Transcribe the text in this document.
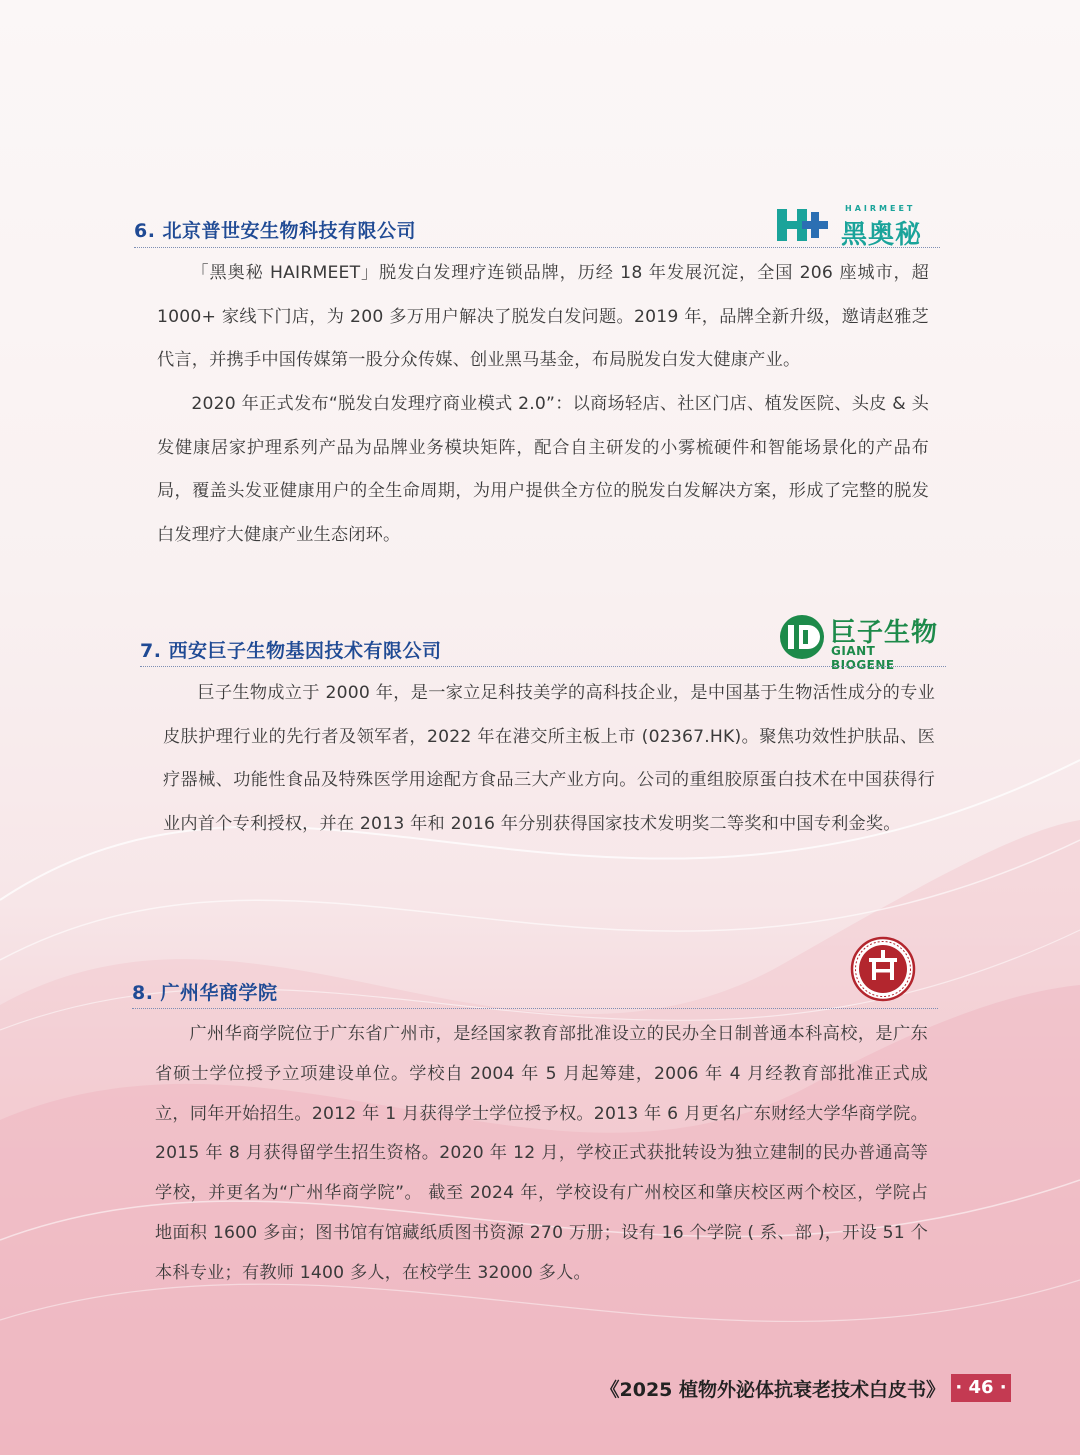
6. 北京普世安生物科技有限公司
HAIRMEET
黑奥秘

「黑奥秘 HAIRMEET」脱发白发理疗连锁品牌，历经 18 年发展沉淀，全国 206 座城市，超 1000+ 家线下门店，为 200 多万用户解决了脱发白发问题。2019 年，品牌全新升级，邀请赵雅芝代言，并携手中国传媒第一股分众传媒、创业黑马基金，布局脱发白发大健康产业。

2020 年正式发布“脱发白发理疗商业模式 2.0”：以商场轻店、社区门店、植发医院、头皮 & 头发健康居家护理系列产品为品牌业务模块矩阵，配合自主研发的小雾梳硬件和智能场景化的产品布局，覆盖头发亚健康用户的全生命周期，为用户提供全方位的脱发白发解决方案，形成了完整的脱发白发理疗大健康产业生态闭环。

7. 西安巨子生物基因技术有限公司
巨子生物
GIANT BIOGENE

巨子生物成立于 2000 年，是一家立足科技美学的高科技企业，是中国基于生物活性成分的专业皮肤护理行业的先行者及领军者，2022 年在港交所主板上市 (02367.HK)。聚焦功效性护肤品、医疗器械、功能性食品及特殊医学用途配方食品三大产业方向。公司的重组胶原蛋白技术在中国获得行业内首个专利授权，并在 2013 年和 2016 年分别获得国家技术发明奖二等奖和中国专利金奖。

8. 广州华商学院

广州华商学院位于广东省广州市，是经国家教育部批准设立的民办全日制普通本科高校，是广东省硕士学位授予立项建设单位。学校自 2004 年 5 月起筹建，2006 年 4 月经教育部批准正式成立，同年开始招生。2012 年 1 月获得学士学位授予权。2013 年 6 月更名广东财经大学华商学院。2015 年 8 月获得留学生招生资格。2020 年 12 月，学校正式获批转设为独立建制的民办普通高等学校，并更名为“广州华商学院”。 截至 2024 年，学校设有广州校区和肇庆校区两个校区，学院占地面积 1600 多亩；图书馆有馆藏纸质图书资源 270 万册；设有 16 个学院 ( 系、部 )，开设 51 个本科专业；有教师 1400 多人，在校学生 32000 多人。

《2025 植物外泌体抗衰老技术白皮书》 · 46 ·
